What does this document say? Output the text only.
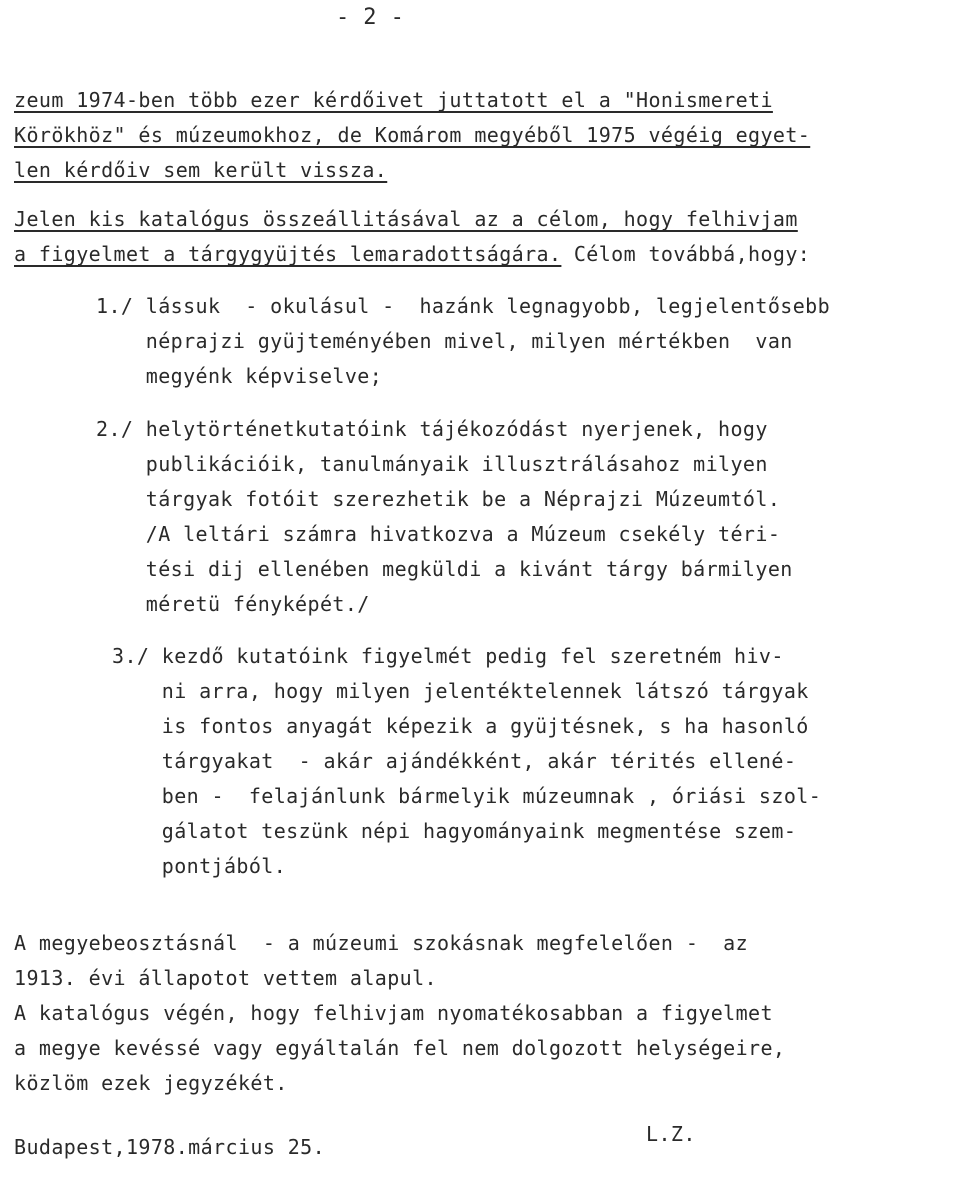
- 2 -
zeum 1974-ben több ezer kérdőivet juttatott el a "Honismereti
Körökhöz" és múzeumokhoz, de Komárom megyéből 1975 végéig egyet-
len kérdőiv sem került vissza.
Jelen kis katalógus összeállitásával az a célom, hogy felhivjam
a figyelmet a tárgygyüjtés lemaradottságára. Célom továbbá,hogy:
1./ lássuk  - okulásul -  hazánk legnagyobb, legjelentősebb
néprajzi gyüjteményében mivel, milyen mértékben  van
megyénk képviselve;
2./ helytörténetkutatóink tájékozódást nyerjenek, hogy
publikációik, tanulmányaik illusztrálásahoz milyen
tárgyak fotóit szerezhetik be a Néprajzi Múzeumtól.
/A leltári számra hivatkozva a Múzeum csekély téri-
tési dij ellenében megküldi a kivánt tárgy bármilyen
méretü fényképét./
3./ kezdő kutatóink figyelmét pedig fel szeretném hiv-
ni arra, hogy milyen jelentéktelennek látszó tárgyak
is fontos anyagát képezik a gyüjtésnek, s ha hasonló
tárgyakat  - akár ajándékként, akár térités ellené-
ben -  felajánlunk bármelyik múzeumnak , óriási szol-
gálatot teszünk népi hagyományaink megmentése szem-
pontjából.
A megyebeosztásnál  - a múzeumi szokásnak megfelelően -  az
1913. évi állapotot vettem alapul.
A katalógus végén, hogy felhivjam nyomatékosabban a figyelmet
a megye kevéssé vagy egyáltalán fel nem dolgozott helységeire,
közlöm ezek jegyzékét.
Budapest,1978.március 25.
L.Z.
